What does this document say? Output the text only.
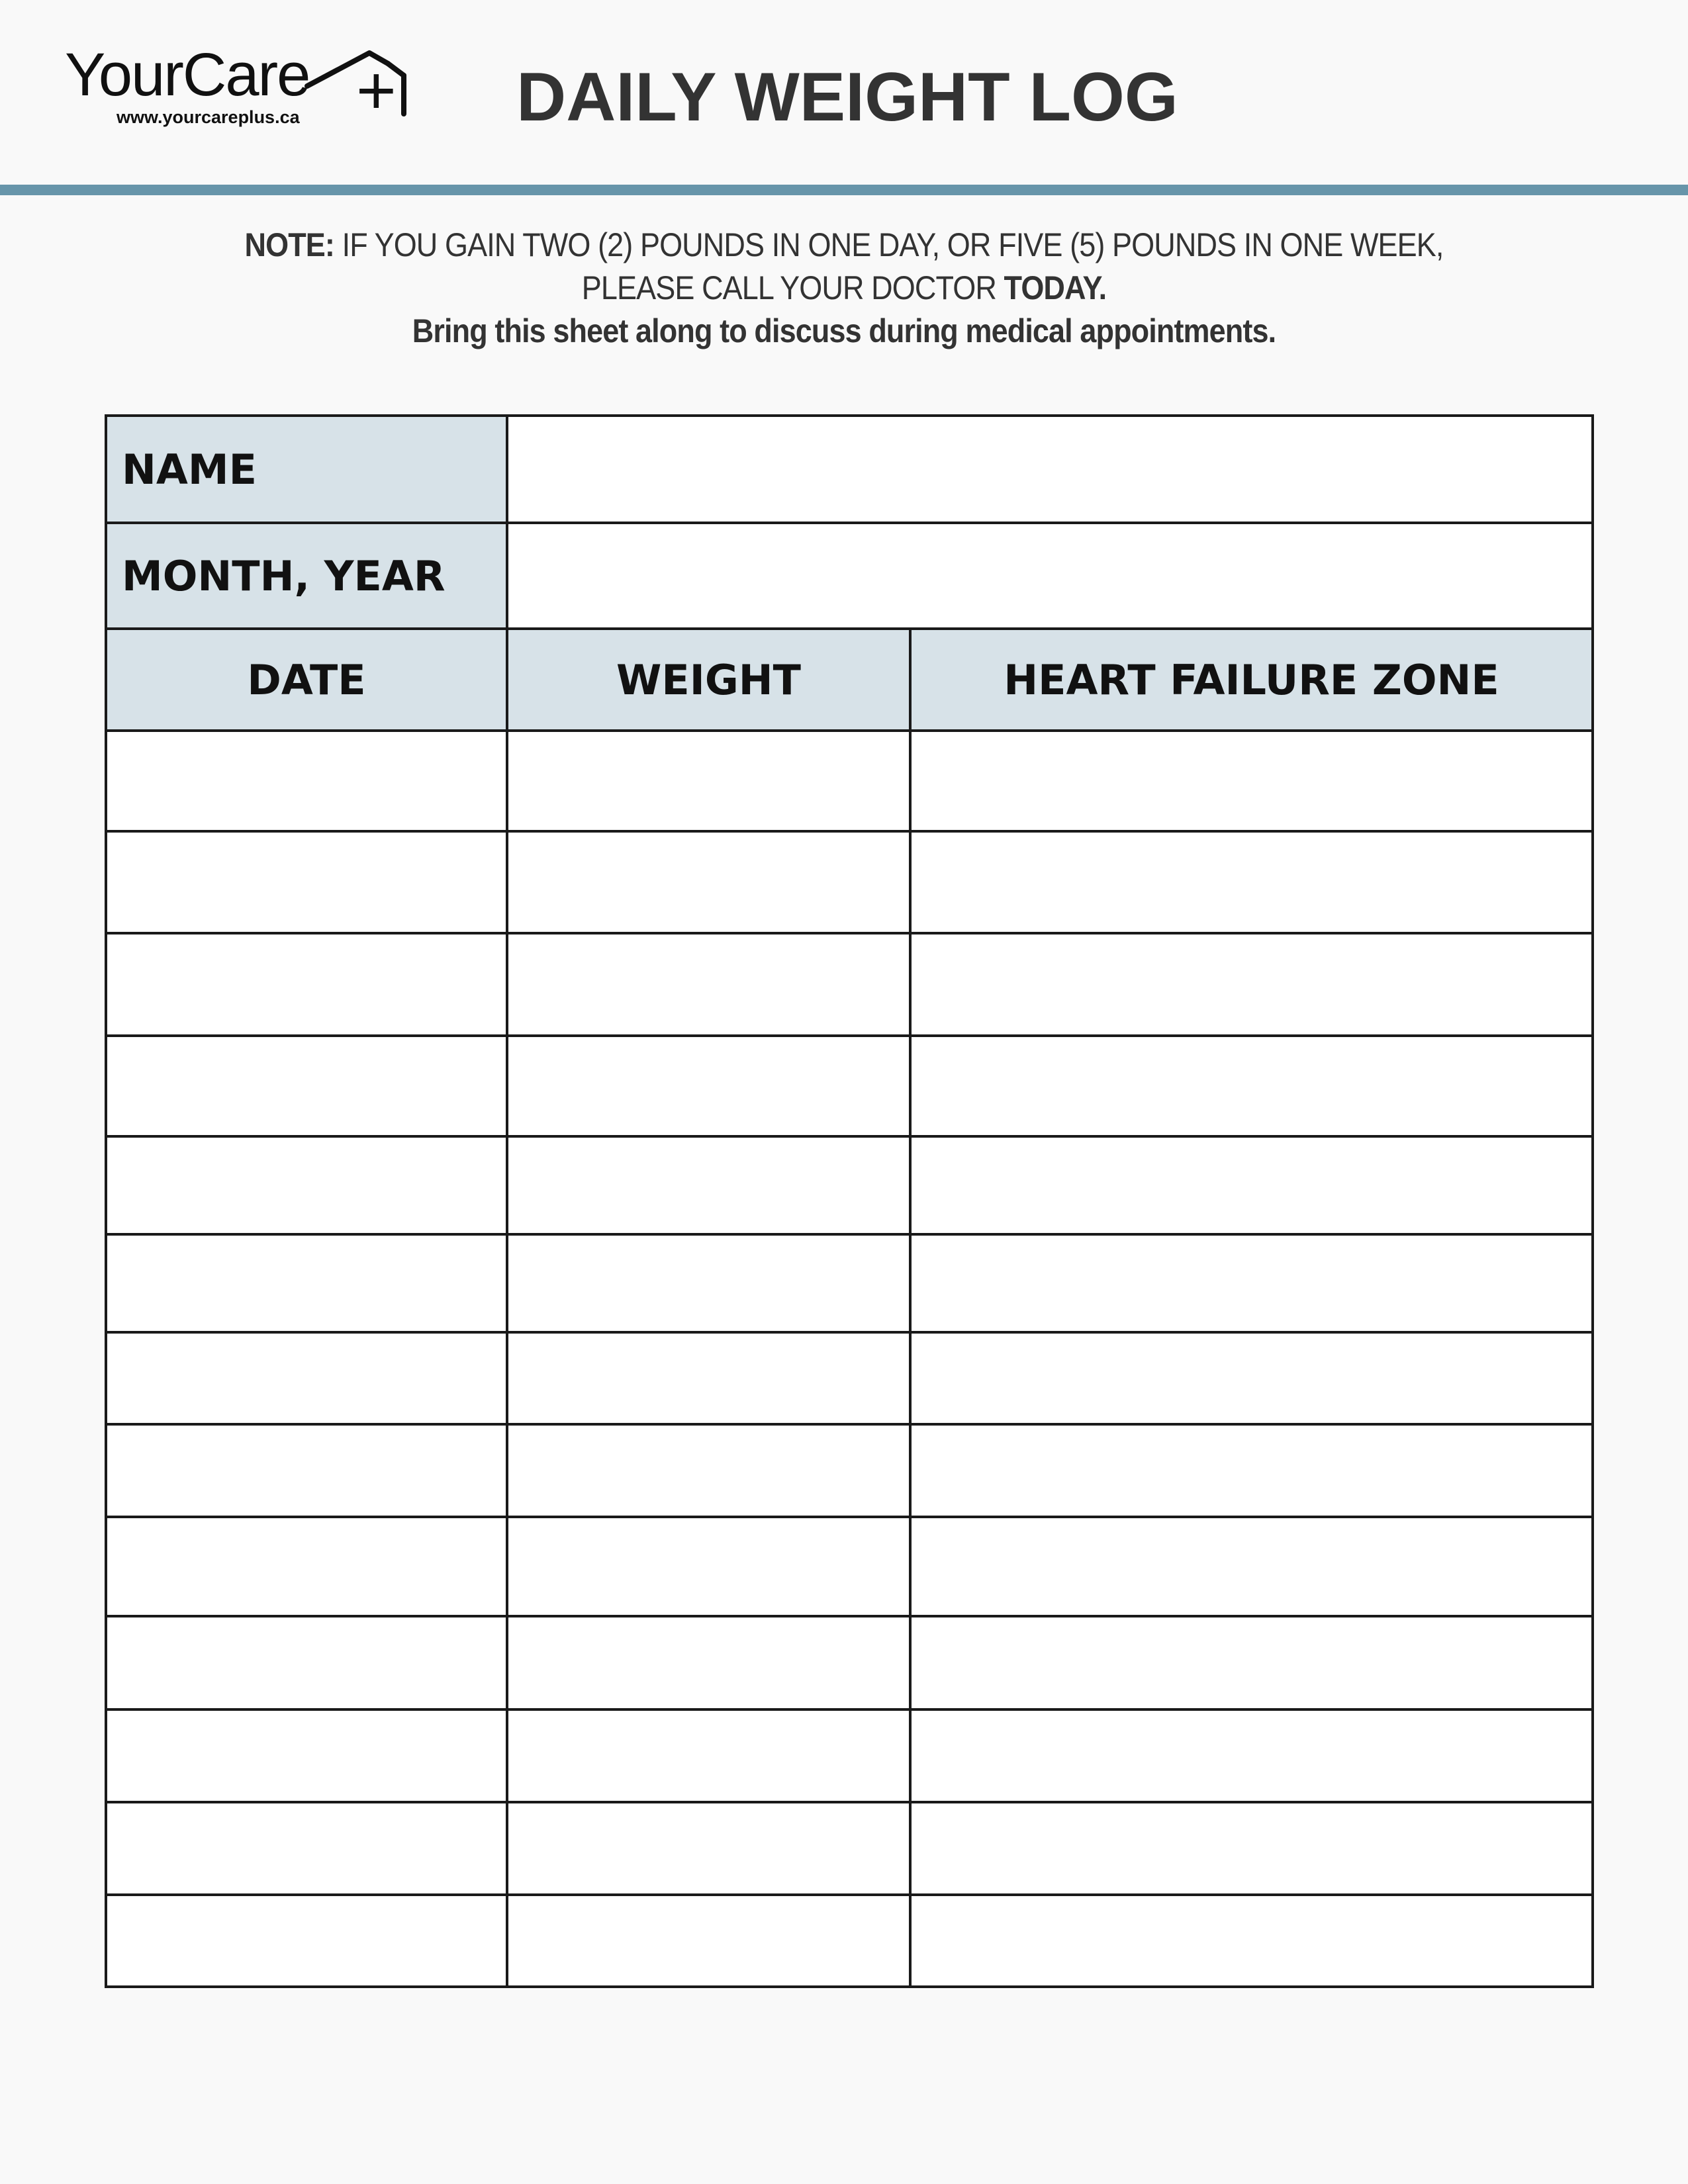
YourCare +
www.yourcareplus.ca	DAILY WEIGHT LOG
NOTE: IF YOU GAIN TWO (2) POUNDS IN ONE DAY, OR FIVE (5) POUNDS IN ONE WEEK,
PLEASE CALL YOUR DOCTOR TODAY.
Bring this sheet along to discuss during medical appointments.
NAME		
MONTH, YEAR		
DATE	WEIGHT	HEART FAILURE ZONE
